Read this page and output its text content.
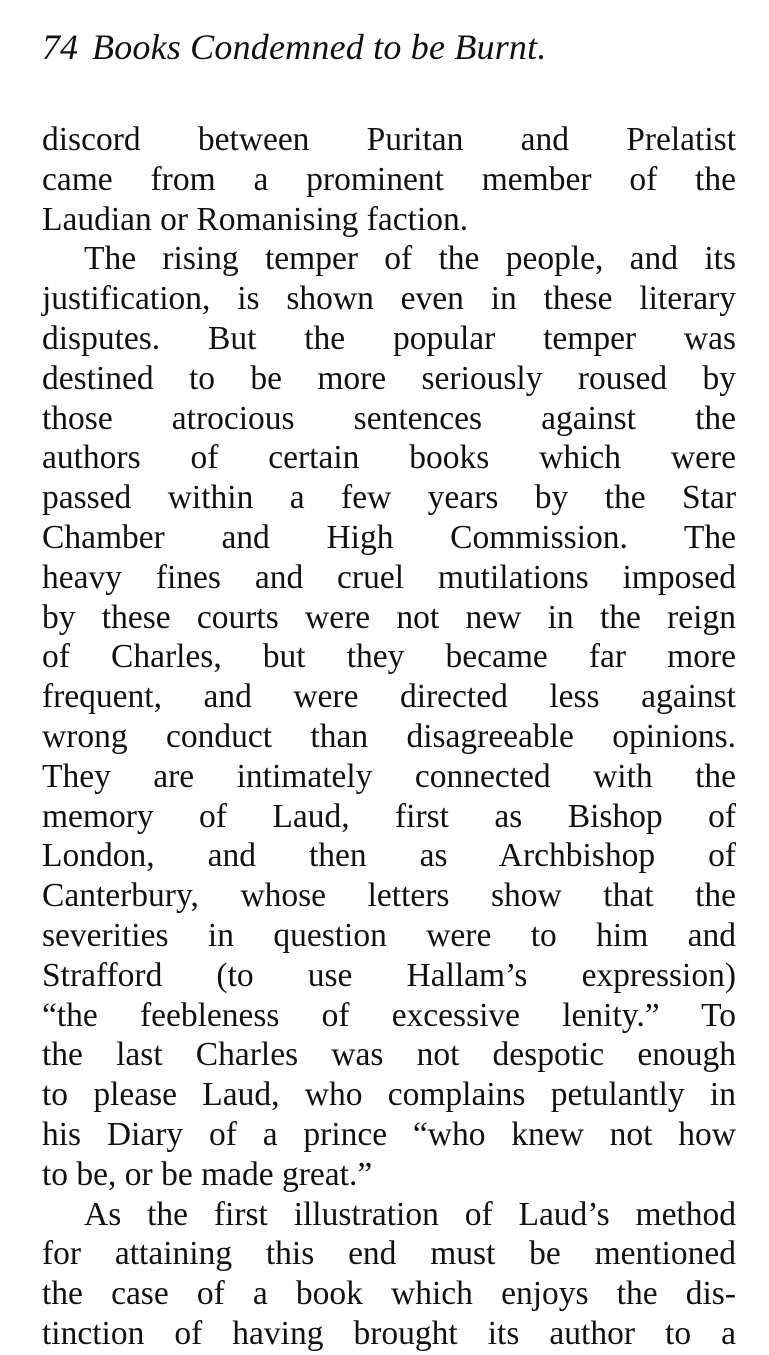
74 Books Condemned to be Burnt.
discord between Puritan and Prelatist
came from a prominent member of the
Laudian or Romanising faction.
The rising temper of the people, and its
justification, is shown even in these literary
disputes. But the popular temper was
destined to be more seriously roused by
those atrocious sentences against the
authors of certain books which were
passed within a few years by the Star
Chamber and High Commission. The
heavy fines and cruel mutilations imposed
by these courts were not new in the reign
of Charles, but they became far more
frequent, and were directed less against
wrong conduct than disagreeable opinions.
They are intimately connected with the
memory of Laud, first as Bishop of
London, and then as Archbishop of
Canterbury, whose letters show that the
severities in question were to him and
Strafford (to use Hallam’s expression)
“the feebleness of excessive lenity.” To
the last Charles was not despotic enough
to please Laud, who complains petulantly in
his Diary of a prince “who knew not how
to be, or be made great.”
As the first illustration of Laud’s method
for attaining this end must be mentioned
the case of a book which enjoys the dis-
tinction of having brought its author to a
